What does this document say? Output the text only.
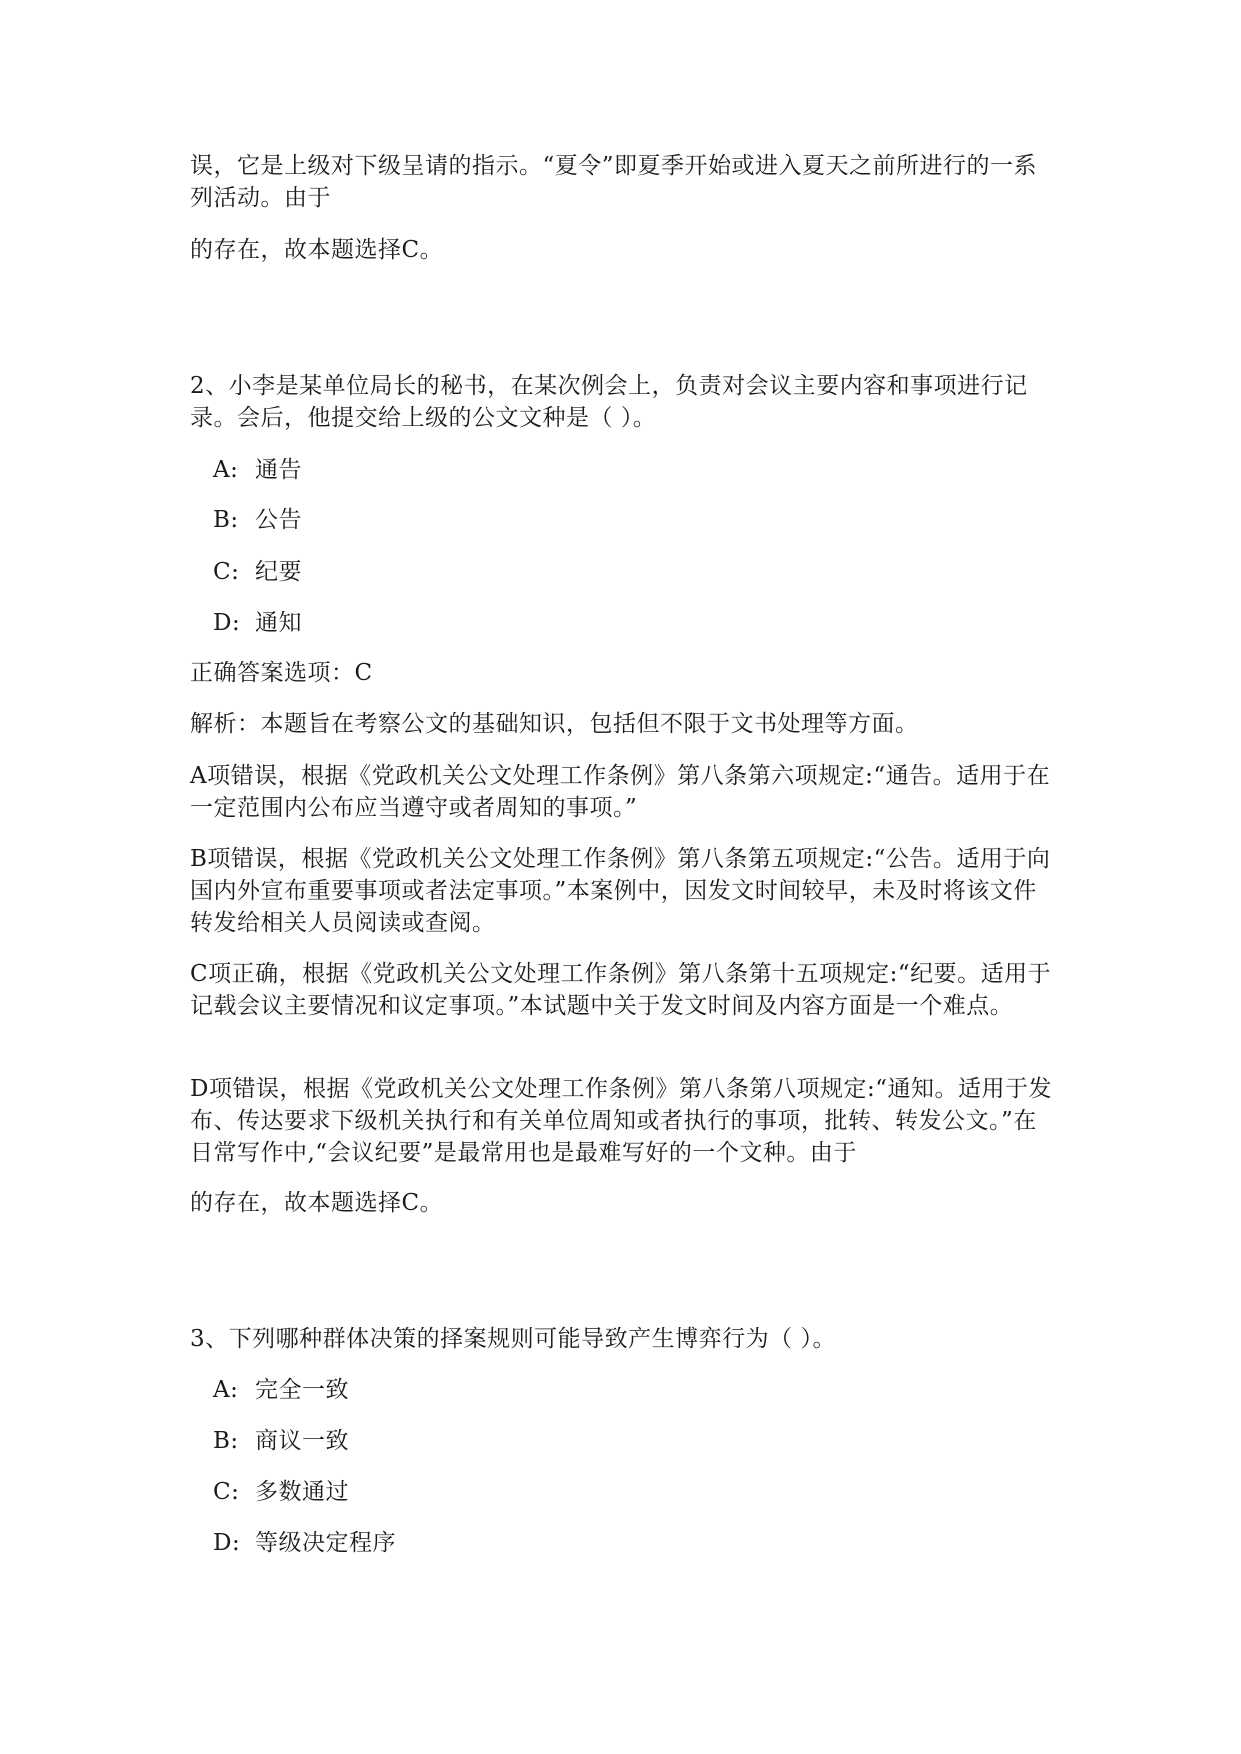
误，它是上级对下级呈请的指示。“夏令”即夏季开始或进入夏天之前所进行的一系列活动。由于

的存在，故本题选择C。

2、小李是某单位局长的秘书，在某次例会上，负责对会议主要内容和事项进行记录。会后，他提交给上级的公文文种是（ ）。

A: 通告

B: 公告

C: 纪要

D: 通知

正确答案选项：C

解析：本题旨在考察公文的基础知识，包括但不限于文书处理等方面。

A项错误，根据《党政机关公文处理工作条例》第八条第六项规定:“通告。适用于在一定范围内公布应当遵守或者周知的事项。”

B项错误，根据《党政机关公文处理工作条例》第八条第五项规定:“公告。适用于向国内外宣布重要事项或者法定事项。”本案例中，因发文时间较早，未及时将该文件转发给相关人员阅读或查阅。

C项正确，根据《党政机关公文处理工作条例》第八条第十五项规定:“纪要。适用于记载会议主要情况和议定事项。”本试题中关于发文时间及内容方面是一个难点。

D项错误，根据《党政机关公文处理工作条例》第八条第八项规定:“通知。适用于发布、传达要求下级机关执行和有关单位周知或者执行的事项，批转、转发公文。”在日常写作中,“会议纪要”是最常用也是最难写好的一个文种。由于

的存在，故本题选择C。

3、下列哪种群体决策的择案规则可能导致产生博弈行为（ ）。

A: 完全一致

B: 商议一致

C: 多数通过

D: 等级决定程序
